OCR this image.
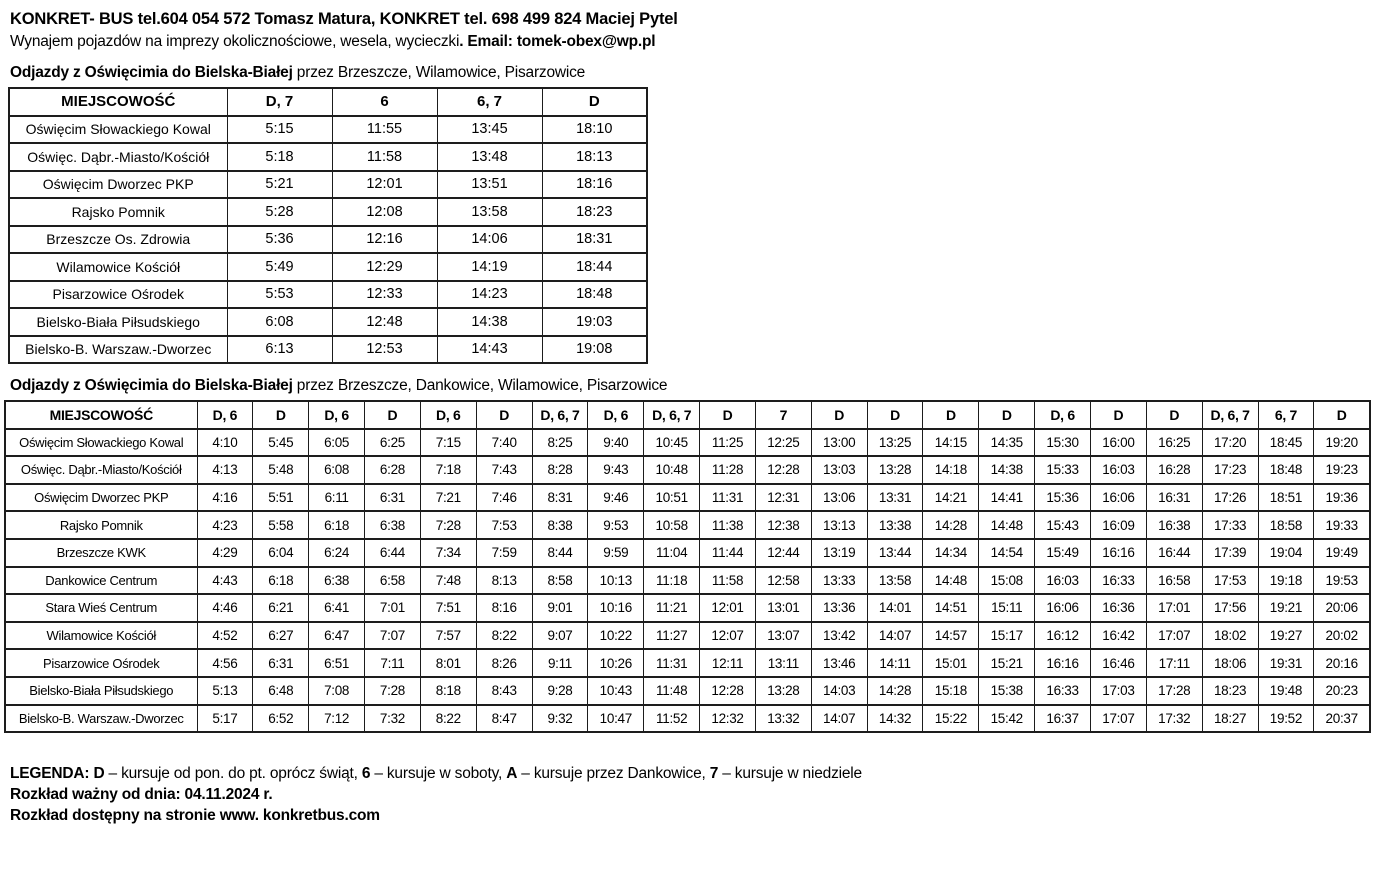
KONKRET- BUS tel.604 054 572 Tomasz Matura, KONKRET tel. 698 499 824 Maciej Pytel
Wynajem pojazdów na imprezy okolicznościowe, wesela, wycieczki. Email: tomek-obex@wp.pl
Odjazdy z Oświęcimia do Bielska-Białej przez Brzeszcze, Wilamowice, Pisarzowice
MIEJSCOWOŚĆ	D, 7	6	6, 7	D
Oświęcim Słowackiego Kowal	5:15	11:55	13:45	18:10
Oświęc. Dąbr.-Miasto/Kościół	5:18	11:58	13:48	18:13
Oświęcim Dworzec PKP	5:21	12:01	13:51	18:16
Rajsko Pomnik	5:28	12:08	13:58	18:23
Brzeszcze Os. Zdrowia	5:36	12:16	14:06	18:31
Wilamowice Kościół	5:49	12:29	14:19	18:44
Pisarzowice Ośrodek	5:53	12:33	14:23	18:48
Bielsko-Biała Piłsudskiego	6:08	12:48	14:38	19:03
Bielsko-B. Warszaw.-Dworzec	6:13	12:53	14:43	19:08
Odjazdy z Oświęcimia do Bielska-Białej przez Brzeszcze, Dankowice, Wilamowice, Pisarzowice
MIEJSCOWOŚĆ	D, 6	D	D, 6	D	D, 6	D	D, 6, 7	D, 6	D, 6, 7	D	7	D	D	D	D	D, 6	D	D	D, 6, 7	6, 7	D
Oświęcim Słowackiego Kowal	4:10	5:45	6:05	6:25	7:15	7:40	8:25	9:40	10:45	11:25	12:25	13:00	13:25	14:15	14:35	15:30	16:00	16:25	17:20	18:45	19:20
Oświęc. Dąbr.-Miasto/Kościół	4:13	5:48	6:08	6:28	7:18	7:43	8:28	9:43	10:48	11:28	12:28	13:03	13:28	14:18	14:38	15:33	16:03	16:28	17:23	18:48	19:23
Oświęcim Dworzec PKP	4:16	5:51	6:11	6:31	7:21	7:46	8:31	9:46	10:51	11:31	12:31	13:06	13:31	14:21	14:41	15:36	16:06	16:31	17:26	18:51	19:36
Rajsko Pomnik	4:23	5:58	6:18	6:38	7:28	7:53	8:38	9:53	10:58	11:38	12:38	13:13	13:38	14:28	14:48	15:43	16:09	16:38	17:33	18:58	19:33
Brzeszcze KWK	4:29	6:04	6:24	6:44	7:34	7:59	8:44	9:59	11:04	11:44	12:44	13:19	13:44	14:34	14:54	15:49	16:16	16:44	17:39	19:04	19:49
Dankowice Centrum	4:43	6:18	6:38	6:58	7:48	8:13	8:58	10:13	11:18	11:58	12:58	13:33	13:58	14:48	15:08	16:03	16:33	16:58	17:53	19:18	19:53
Stara Wieś Centrum	4:46	6:21	6:41	7:01	7:51	8:16	9:01	10:16	11:21	12:01	13:01	13:36	14:01	14:51	15:11	16:06	16:36	17:01	17:56	19:21	20:06
Wilamowice Kościół	4:52	6:27	6:47	7:07	7:57	8:22	9:07	10:22	11:27	12:07	13:07	13:42	14:07	14:57	15:17	16:12	16:42	17:07	18:02	19:27	20:02
Pisarzowice Ośrodek	4:56	6:31	6:51	7:11	8:01	8:26	9:11	10:26	11:31	12:11	13:11	13:46	14:11	15:01	15:21	16:16	16:46	17:11	18:06	19:31	20:16
Bielsko-Biała Piłsudskiego	5:13	6:48	7:08	7:28	8:18	8:43	9:28	10:43	11:48	12:28	13:28	14:03	14:28	15:18	15:38	16:33	17:03	17:28	18:23	19:48	20:23
Bielsko-B. Warszaw.-Dworzec	5:17	6:52	7:12	7:32	8:22	8:47	9:32	10:47	11:52	12:32	13:32	14:07	14:32	15:22	15:42	16:37	17:07	17:32	18:27	19:52	20:37
LEGENDA: D – kursuje od pon. do pt. oprócz świąt, 6 – kursuje w soboty, A – kursuje przez Dankowice, 7 – kursuje w niedziele
Rozkład ważny od dnia: 04.11.2024 r.
Rozkład dostępny na stronie www. konkretbus.com
